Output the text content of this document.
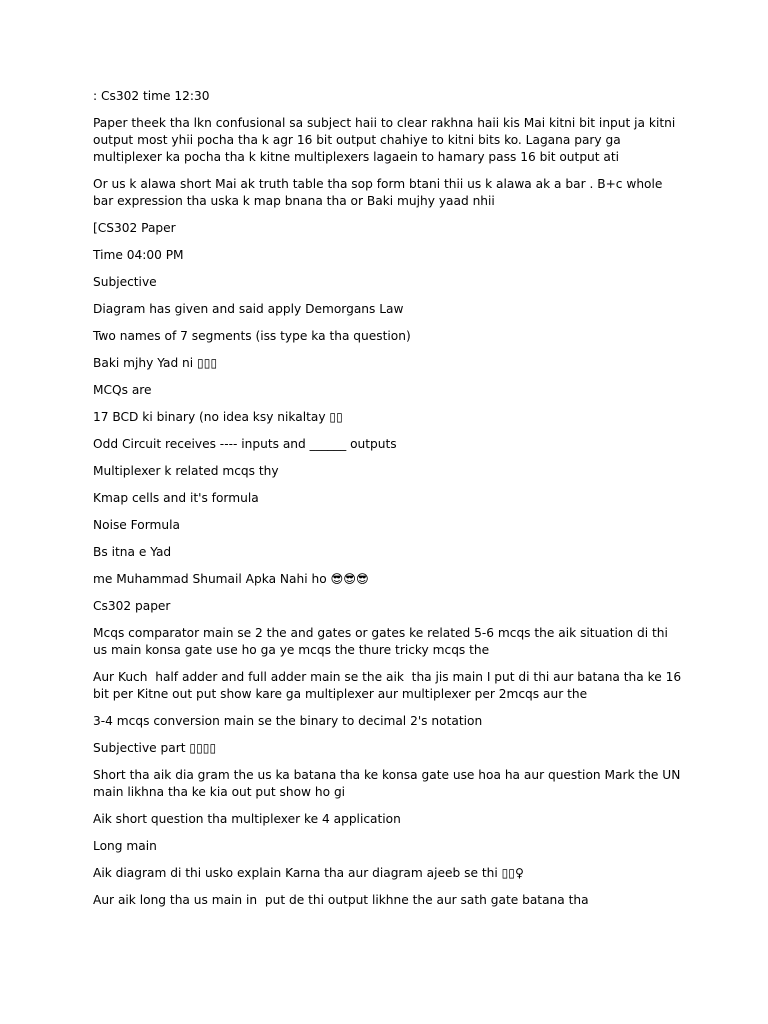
: Cs302 time 12:30

Paper theek tha lkn confusional sa subject haii to clear rakhna haii kis Mai kitni bit input ja kitni output most yhii pocha tha k agr 16 bit output chahiye to kitni bits ko. Lagana pary ga multiplexer ka pocha tha k kitne multiplexers lagaein to hamary pass 16 bit output ati

Or us k alawa short Mai ak truth table tha sop form btani thii us k alawa ak a bar . B+c whole bar expression tha uska k map bnana tha or Baki mujhy yaad nhii

[CS302 Paper

Time 04:00 PM

Subjective

Diagram has given and said apply Demorgans Law

Two names of 7 segments (iss type ka tha question)

Baki mjhy Yad ni ▯▯▯

MCQs are

17 BCD ki binary (no idea ksy nikaltay ▯▯

Odd Circuit receives ---- inputs and ______ outputs

Multiplexer k related mcqs thy

Kmap cells and it's formula

Noise Formula

Bs itna e Yad

me Muhammad Shumail Apka Nahi ho 😎😎😎

Cs302 paper

Mcqs comparator main se 2 the and gates or gates ke related 5-6 mcqs the aik situation di thi us main konsa gate use ho ga ye mcqs the thure tricky mcqs the

Aur Kuch  half adder and full adder main se the aik  tha jis main I put di thi aur batana tha ke 16 bit per Kitne out put show kare ga multiplexer aur multiplexer per 2mcqs aur the

3-4 mcqs conversion main se the binary to decimal 2's notation

Subjective part ▯▯▯▯

Short tha aik dia gram the us ka batana tha ke konsa gate use hoa ha aur question Mark the UN main likhna tha ke kia out put show ho gi

Aik short question tha multiplexer ke 4 application

Long main

Aik diagram di thi usko explain Karna tha aur diagram ajeeb se thi ▯▯♀

Aur aik long tha us main in  put de thi output likhne the aur sath gate batana tha
